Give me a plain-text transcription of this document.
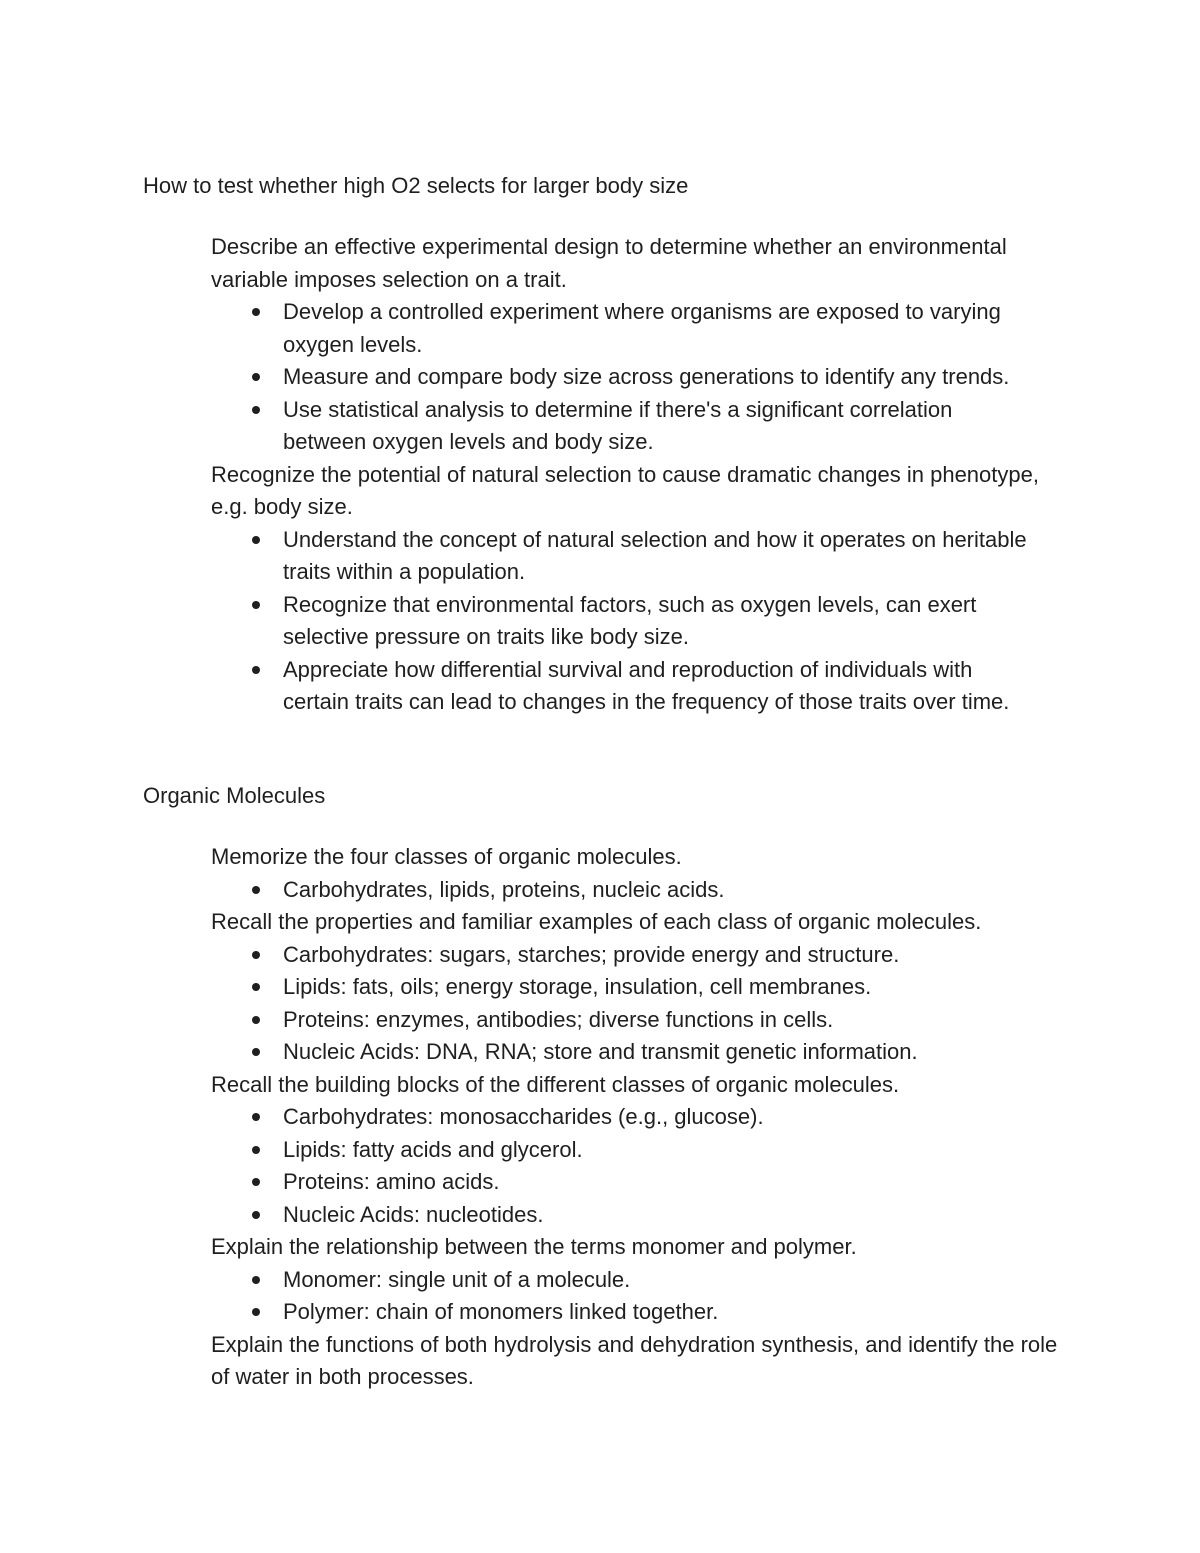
How to test whether high O2 selects for larger body size

Describe an effective experimental design to determine whether an environmental variable imposes selection on a trait.

Develop a controlled experiment where organisms are exposed to varying oxygen levels.
Measure and compare body size across generations to identify any trends.
Use statistical analysis to determine if there's a significant correlation between oxygen levels and body size.

Recognize the potential of natural selection to cause dramatic changes in phenotype, e.g. body size.

Understand the concept of natural selection and how it operates on heritable traits within a population.
Recognize that environmental factors, such as oxygen levels, can exert selective pressure on traits like body size.
Appreciate how differential survival and reproduction of individuals with certain traits can lead to changes in the frequency of those traits over time.
Organic Molecules

Memorize the four classes of organic molecules.

Carbohydrates, lipids, proteins, nucleic acids.

Recall the properties and familiar examples of each class of organic molecules.

Carbohydrates: sugars, starches; provide energy and structure.
Lipids: fats, oils; energy storage, insulation, cell membranes.
Proteins: enzymes, antibodies; diverse functions in cells.
Nucleic Acids: DNA, RNA; store and transmit genetic information.

Recall the building blocks of the different classes of organic molecules.

Carbohydrates: monosaccharides (e.g., glucose).
Lipids: fatty acids and glycerol.
Proteins: amino acids.
Nucleic Acids: nucleotides.

Explain the relationship between the terms monomer and polymer.

Monomer: single unit of a molecule.
Polymer: chain of monomers linked together.

Explain the functions of both hydrolysis and dehydration synthesis, and identify the role of water in both processes.
